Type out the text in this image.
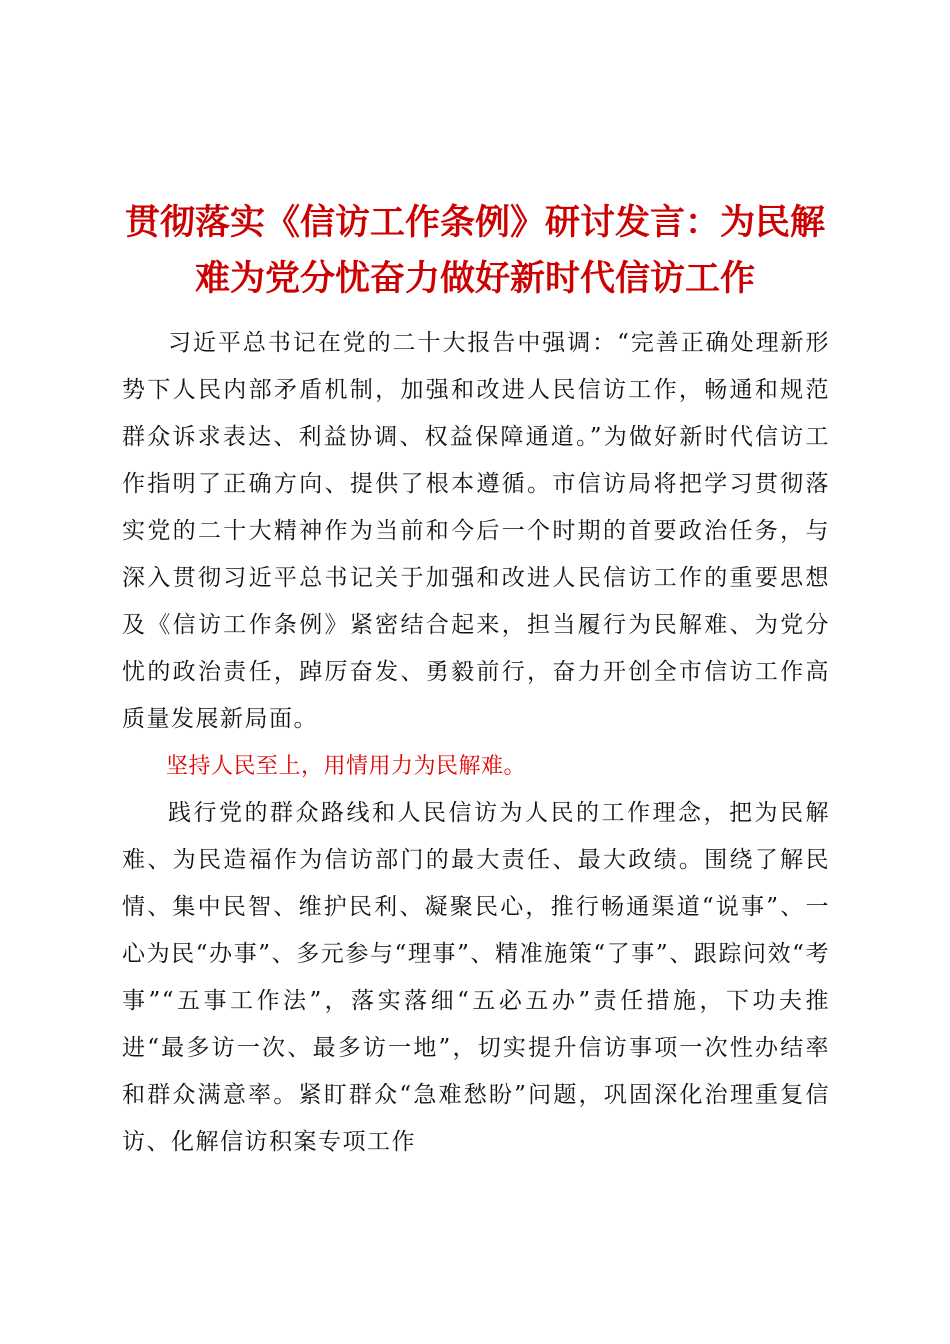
贯彻落实《信访工作条例》研讨发言：为民解难为党分忧奋力做好新时代信访工作

习近平总书记在党的二十大报告中强调：“完善正确处理新形势下人民内部矛盾机制，加强和改进人民信访工作，畅通和规范群众诉求表达、利益协调、权益保障通道。”为做好新时代信访工作指明了正确方向、提供了根本遵循。市信访局将把学习贯彻落实党的二十大精神作为当前和今后一个时期的首要政治任务，与深入贯彻习近平总书记关于加强和改进人民信访工作的重要思想及《信访工作条例》紧密结合起来，担当履行为民解难、为党分忧的政治责任，踔厉奋发、勇毅前行，奋力开创全市信访工作高质量发展新局面。

坚持人民至上，用情用力为民解难。

践行党的群众路线和人民信访为人民的工作理念，把为民解难、为民造福作为信访部门的最大责任、最大政绩。围绕了解民情、集中民智、维护民利、凝聚民心，推行畅通渠道“说事”、一心为民“办事”、多元参与“理事”、精准施策“了事”、跟踪问效“考事”“五事工作法”，落实落细“五必五办”责任措施，下功夫推进“最多访一次、最多访一地”，切实提升信访事项一次性办结率和群众满意率。紧盯群众“急难愁盼”问题，巩固深化治理重复信访、化解信访积案专项工作
